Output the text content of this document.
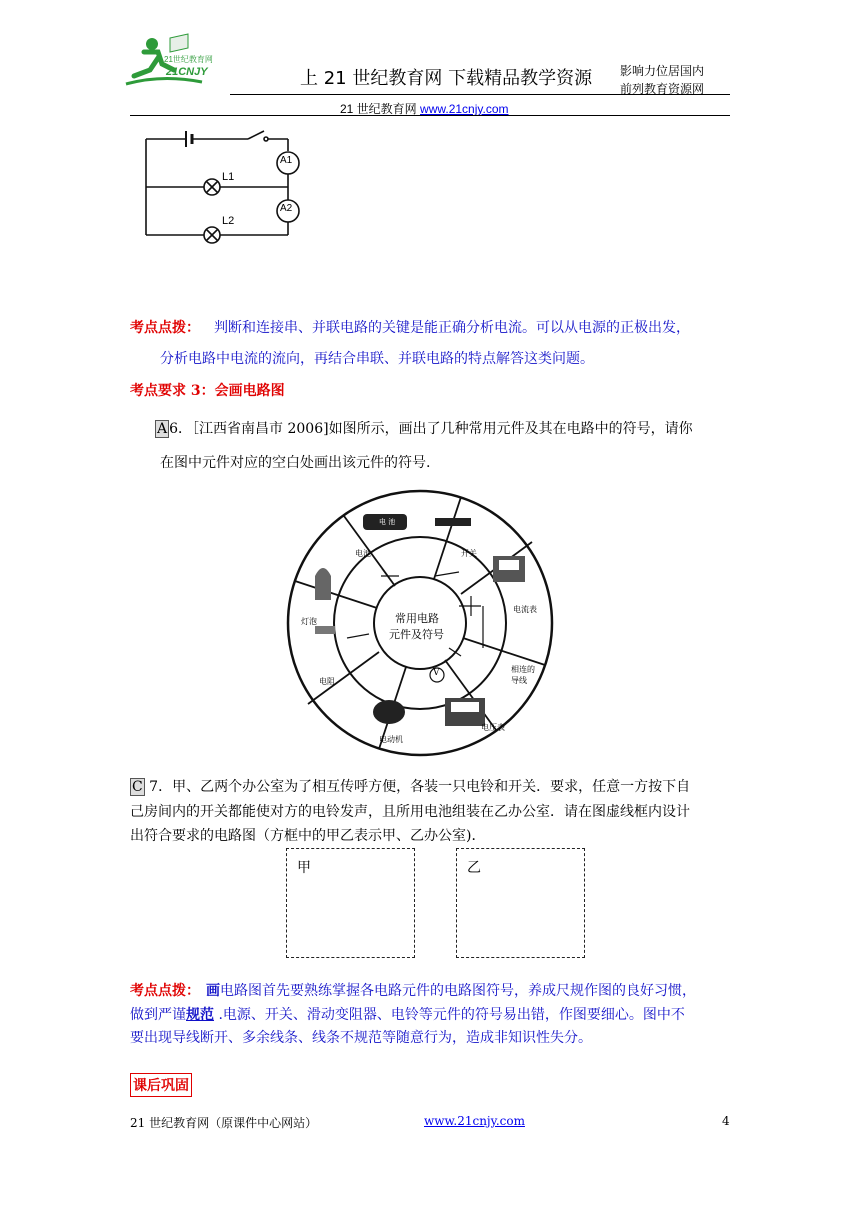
21世纪教育网
21CNJY	上 21 世纪教育网 下载精品教学资源 影响力位居国内
前列教育资源网
21 世纪教育网 www.21cnjy.com
A1
A2
L1
L2
考点点拨： 判断和连接串、并联电路的关键是能正确分析电流。可以从电源的正极出发，
分析电路中电流的流向，再结合串联、并联电路的特点解答这类问题。
考点要求 3：会画电路图
A 6．［江西省南昌市 2006]如图所示，画出了几种常用元件及其在电路中的符号，请你
在图中元件对应的空白处画出该元件的符号.
常用电路
元件及符号
电池	开关
电流表
相连的导线
电压表
电动机
电阻
灯泡
电 池
V
C 7．甲、乙两个办公室为了相互传呼方便，各装一只电铃和开关．要求，任意一方按下自
己房间内的开关都能使对方的电铃发声，且所用电池组装在乙办公室．请在图虚线框内设计
出符合要求的电路图（方框中的甲乙表示甲、乙办公室)．
甲	乙
考点点拨： 画电路图首先要熟练掌握各电路元件的电路图符号，养成尺规作图的良好习惯，
做到严谨规范 .电源、开关、滑动变阻器、电铃等元件的符号易出错，作图要细心。图中不
要出现导线断开、多余线条、线条不规范等随意行为，造成非知识性失分。
课后巩固
21 世纪教育网（原课件中心网站）	www.21cnjy.com	4
